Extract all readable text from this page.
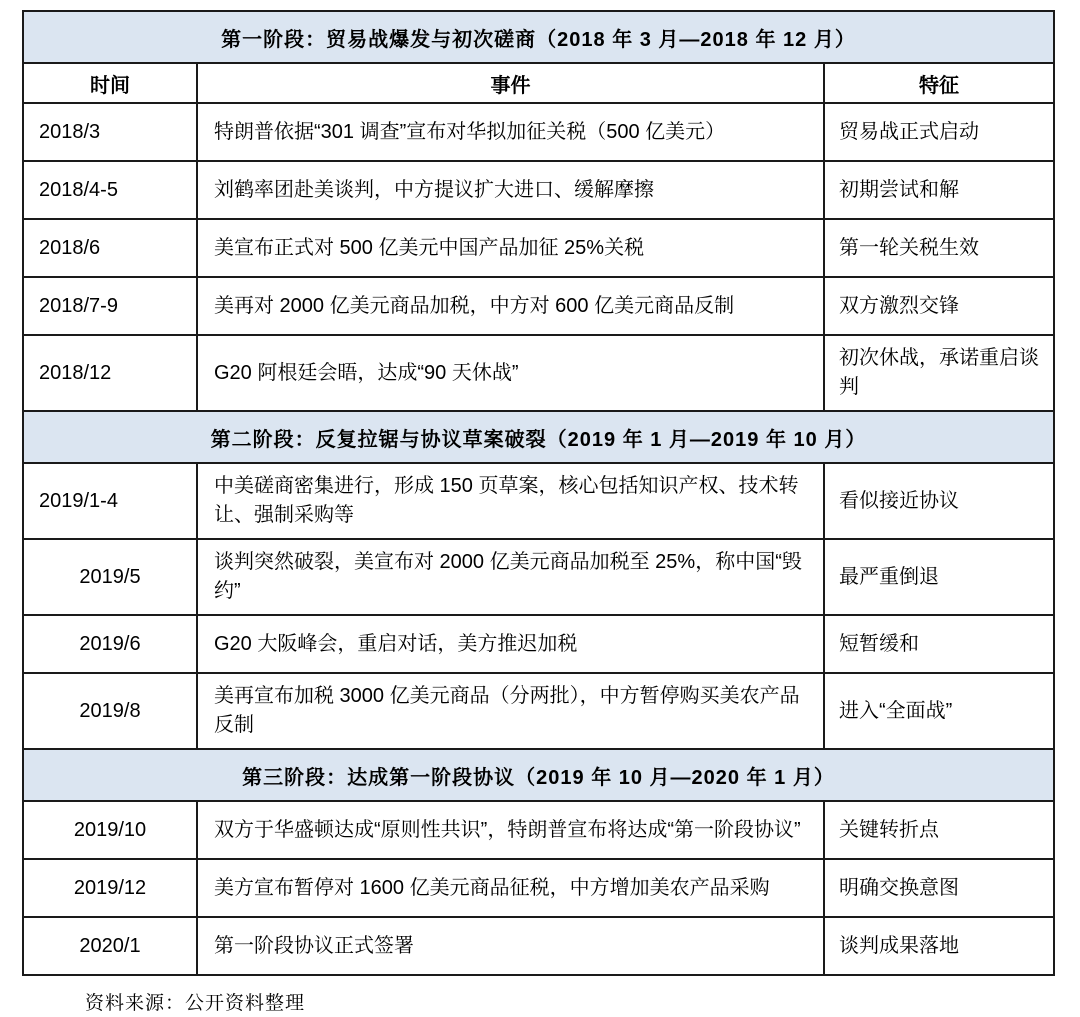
第一阶段：贸易战爆发与初次磋商（2018 年 3 月—2018 年 12 月）		
时间	事件	特征
2018/3	特朗普依据“301 调查”宣布对华拟加征关税（500 亿美元）	贸易战正式启动
2018/4-5	刘鹤率团赴美谈判，中方提议扩大进口、缓解摩擦	初期尝试和解
2018/6	美宣布正式对 500 亿美元中国产品加征 25%关税	第一轮关税生效
2018/7-9	美再对 2000 亿美元商品加税，中方对 600 亿美元商品反制	双方激烈交锋
2018/12	G20 阿根廷会晤，达成“90 天休战”	初次休战，承诺重启谈判
第二阶段：反复拉锯与协议草案破裂（2019 年 1 月—2019 年 10 月）		
2019/1-4	中美磋商密集进行，形成 150 页草案，核心包括知识产权、技术转让、强制采购等	看似接近协议
2019/5	谈判突然破裂，美宣布对 2000 亿美元商品加税至 25%，称中国“毁约”	最严重倒退
2019/6	G20 大阪峰会，重启对话，美方推迟加税	短暂缓和
2019/8	美再宣布加税 3000 亿美元商品（分两批），中方暂停购买美农产品反制	进入“全面战”
第三阶段：达成第一阶段协议（2019 年 10 月—2020 年 1 月）		
2019/10	双方于华盛顿达成“原则性共识”，特朗普宣布将达成“第一阶段协议”	关键转折点
2019/12	美方宣布暂停对 1600 亿美元商品征税，中方增加美农产品采购	明确交换意图
2020/1	第一阶段协议正式签署	谈判成果落地
资料来源：公开资料整理
